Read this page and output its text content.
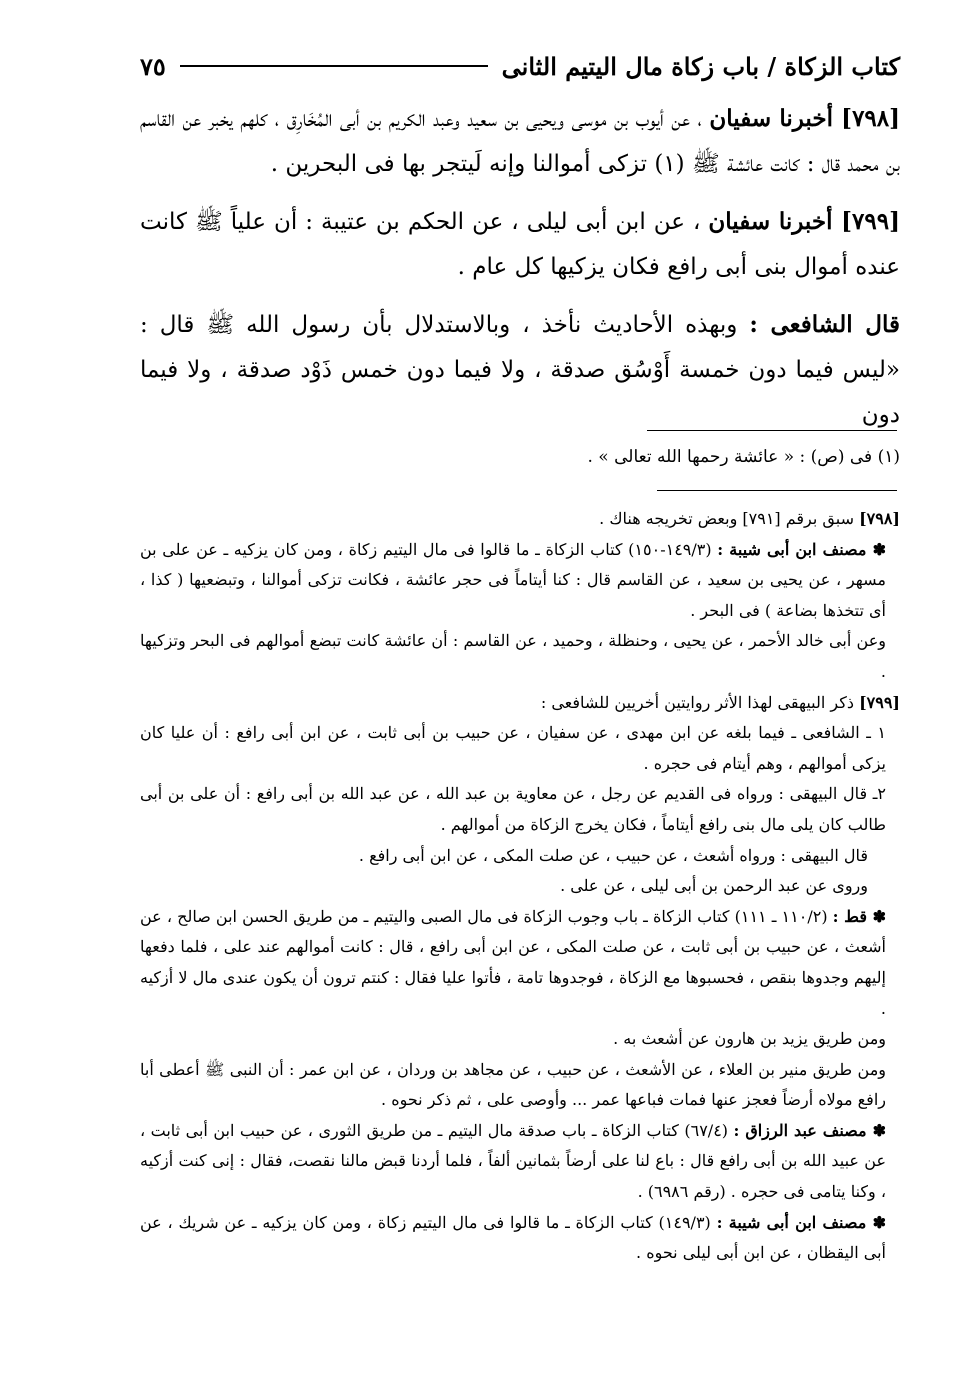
كتاب الزكاة / باب زكاة مال اليتيم الثانى
٧٥

[٧٩٨] أخبرنا سفيان ، عن أيوب بن موسى ويحيى بن سعيد وعبد الكريم بن أبى المُخَارِق ، كلهم يخبر عن القاسم بن محمد قال : كانت عائشة ﷺ (١) تزكى أموالنا وإنه لَيتجر بها فى البحرين .

[٧٩٩] أخبرنا سفيان ، عن ابن أبى ليلى ، عن الحكم بن عتيبة : أن علياً ﷺ كانت عنده أموال بنى أبى رافع فكان يزكيها كل عام .

قال الشافعى : وبهذه الأحاديث نأخذ ، وبالاستدلال بأن رسول الله ﷺ قال : «ليس فيما دون خمسة أَوْسُق صدقة ، ولا فيما دون خمس ذَوْد صدقة ، ولا فيما دون

(١) فى (ص) : « عائشة رحمها الله تعالى » .
[٧٩٨] سبق برقم [٧٩١] وبعض تخريجه هناك .
✽ مصنف ابن أبى شيبة : (١٤٩/٣-١٥٠) كتاب الزكاة ـ ما قالوا فى مال اليتيم زكاة ، ومن كان يزكيه ـ عن على بن مسهر ، عن يحيى بن سعيد ، عن القاسم قال : كنا أيتاماً فى حجر عائشة ، فكانت تزكى أموالنا ، وتبضعيها ( كذا ، أى تتخذها بضاعة ) فى البحر .
وعن أبى خالد الأحمر ، عن يحيى ، وحنظلة ، وحميد ، عن القاسم : أن عائشة كانت تبضع أموالهم فى البحر وتزكيها .
[٧٩٩] ذكر البيهقى لهذا الأثر روايتين أخريين للشافعى :
١ ـ الشافعى ـ فيما بلغه عن ابن مهدى ، عن سفيان ، عن حبيب بن أبى ثابت ، عن ابن أبى رافع : أن عليا كان يزكى أموالهم ، وهم أيتام فى حجره .
٢ـ قال البيهقى : ورواه فى القديم عن رجل ، عن معاوية بن عبد الله ، عن عبد الله بن أبى رافع : أن على بن أبى طالب كان يلى مال بنى رافع أيتاماً ، فكان يخرج الزكاة من أموالهم .
قال البيهقى : ورواه أشعث ، عن حبيب ، عن صلت المكى ، عن ابن أبى رافع .
وروى عن عبد الرحمن بن أبى ليلى ، عن على .
✽ قط : (١١٠/٢ ـ ١١١) كتاب الزكاة ـ باب وجوب الزكاة فى مال الصبى واليتيم ـ من طريق الحسن ابن صالح ، عن أشعث ، عن حبيب بن أبى ثابت ، عن صلت المكى ، عن ابن أبى رافع ، قال : كانت أموالهم عند على ، فلما دفعها إليهم وجدوها بنقص ، فحسبوها مع الزكاة ، فوجدوها تامة ، فأتوا عليا فقال : كنتم ترون أن يكون عندى مال لا أزكيه .
ومن طريق يزيد بن هارون عن أشعث به .
ومن طريق منير بن العلاء ، عن الأشعث ، عن حبيب ، عن مجاهد بن وردان ، عن ابن عمر : أن النبى ﷺ أعطى أبا رافع مولاه أرضاً فعجز عنها فمات فباعها عمر ... وأوصى على ، ثم ذكر نحوه .
✽ مصنف عبد الرزاق : (٦٧/٤) كتاب الزكاة ـ باب صدقة مال اليتيم ـ من طريق الثورى ، عن حبيب ابن أبى ثابت ، عن عبيد الله بن أبى رافع قال : باع لنا على أرضاً بثمانين ألفاً ، فلما أردنا قبض مالنا نقصت، فقال : إنى كنت أزكيه ، وكنا يتامى فى حجره . (رقم ٦٩٨٦) .
✽ مصنف ابن أبى شيبة : (١٤٩/٣) كتاب الزكاة ـ ما قالوا فى مال اليتيم زكاة ، ومن كان يزكيه ـ عن شريك ، عن أبى اليقظان ، عن ابن أبى ليلى نحوه .
